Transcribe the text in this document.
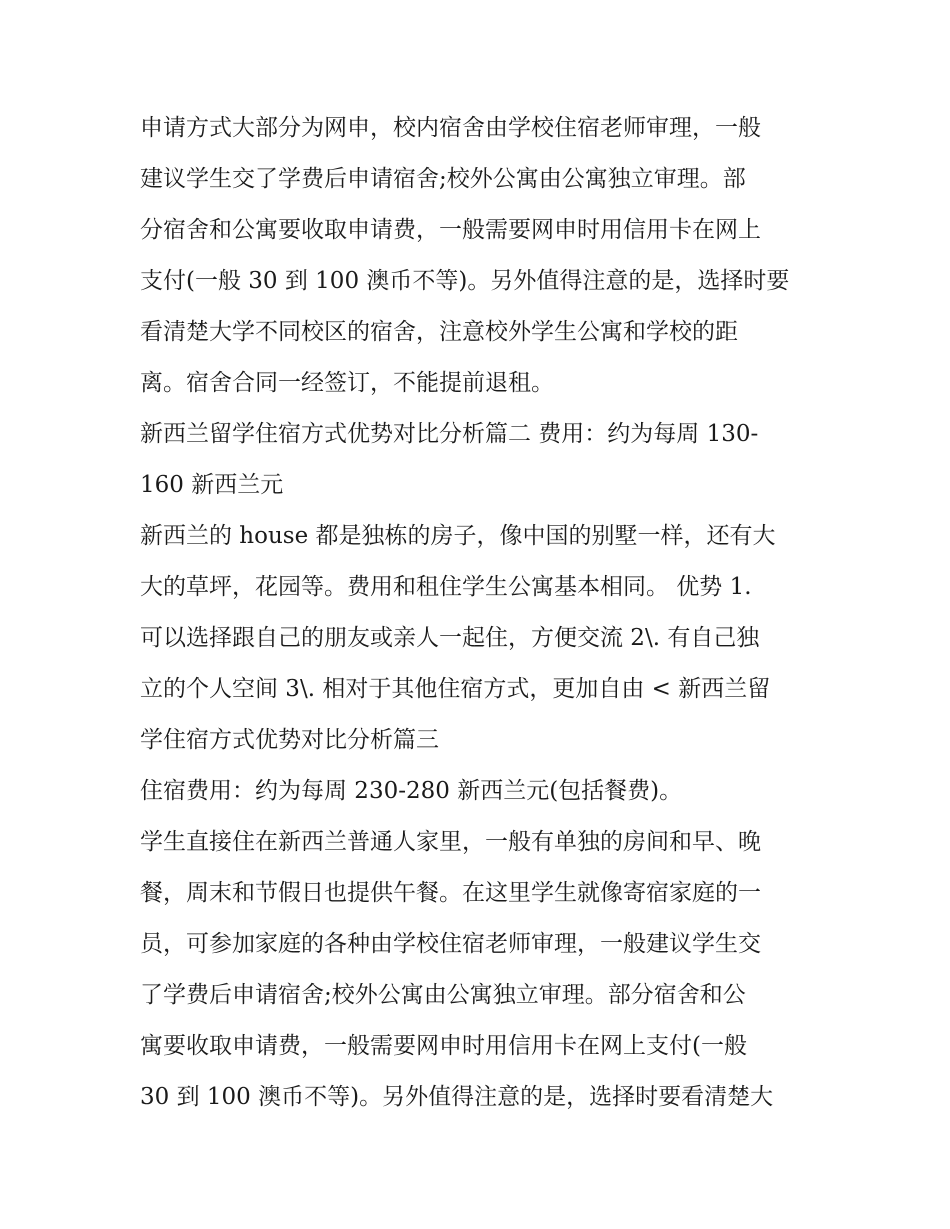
申请方式大部分为网申，校内宿舍由学校住宿老师审理，一般
建议学生交了学费后申请宿舍;校外公寓由公寓独立审理。部
分宿舍和公寓要收取申请费，一般需要网申时用信用卡在网上
支付(一般 30 到 100 澳币不等)。另外值得注意的是，选择时要
看清楚大学不同校区的宿舍，注意校外学生公寓和学校的距
离。宿舍合同一经签订，不能提前退租。
新西兰留学住宿方式优势对比分析篇二 费用：约为每周 130-
160 新西兰元
新西兰的 house 都是独栋的房子，像中国的别墅一样，还有大
大的草坪，花园等。费用和租住学生公寓基本相同。 优势 1.
可以选择跟自己的朋友或亲人一起住，方便交流 2\. 有自己独
立的个人空间 3\. 相对于其他住宿方式，更加自由 < 新西兰留
学住宿方式优势对比分析篇三
住宿费用：约为每周 230-280 新西兰元(包括餐费)。
学生直接住在新西兰普通人家里，一般有单独的房间和早、晚
餐，周末和节假日也提供午餐。在这里学生就像寄宿家庭的一
员，可参加家庭的各种由学校住宿老师审理，一般建议学生交
了学费后申请宿舍;校外公寓由公寓独立审理。部分宿舍和公
寓要收取申请费，一般需要网申时用信用卡在网上支付(一般
30 到 100 澳币不等)。另外值得注意的是，选择时要看清楚大
